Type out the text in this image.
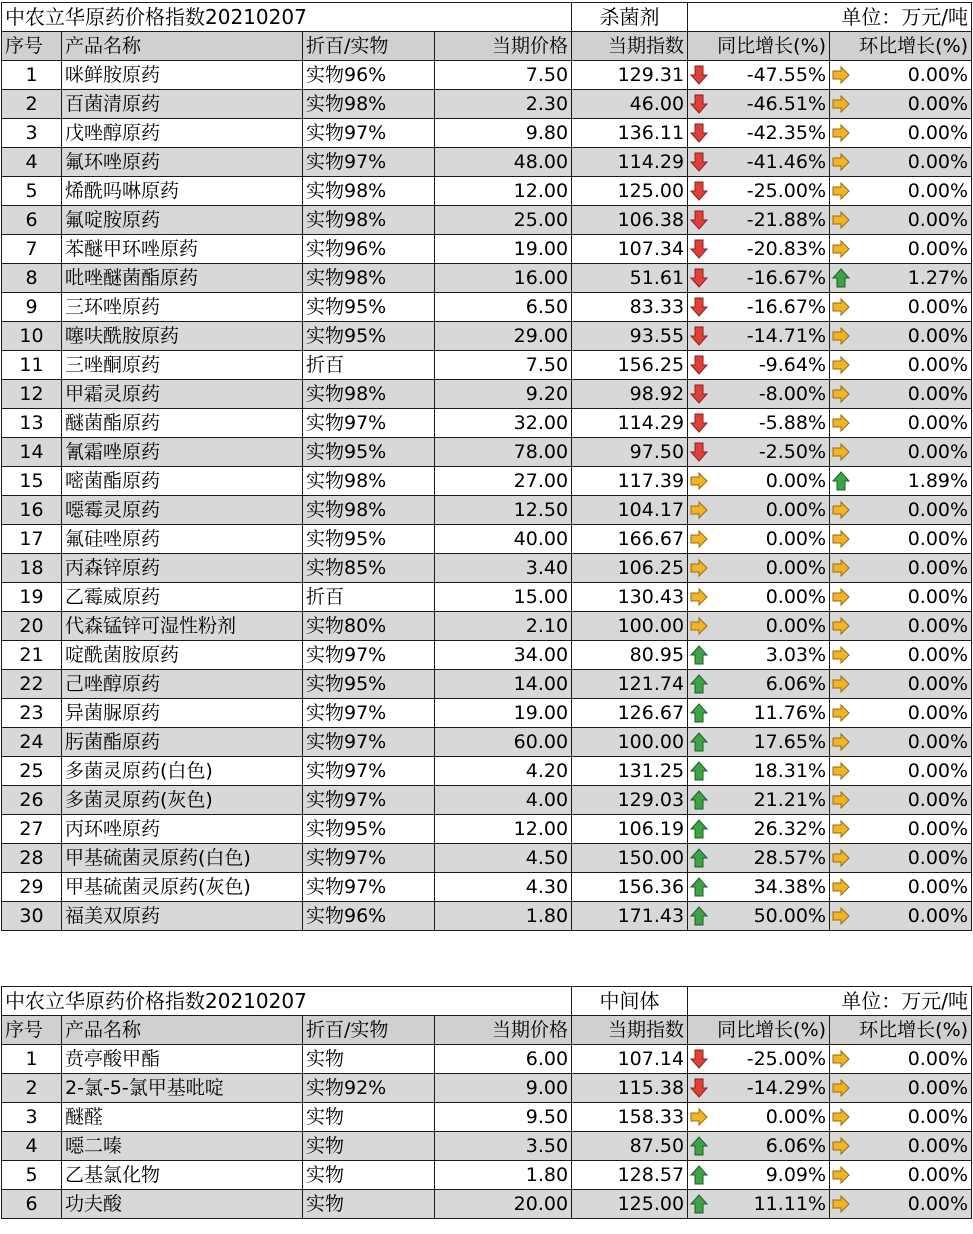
中农立华原药价格指数20210207				杀菌剂	单位：万元/吨	
序号	产品名称	折百/实物	当期价格	当期指数	同比增长(%)	环比增长(%)
1	咪鲜胺原药	实物96%	7.50	129.31	-47.55%	0.00%
2	百菌清原药	实物98%	2.30	46.00	-46.51%	0.00%
3	戊唑醇原药	实物97%	9.80	136.11	-42.35%	0.00%
4	氟环唑原药	实物97%	48.00	114.29	-41.46%	0.00%
5	烯酰吗啉原药	实物98%	12.00	125.00	-25.00%	0.00%
6	氟啶胺原药	实物98%	25.00	106.38	-21.88%	0.00%
7	苯醚甲环唑原药	实物96%	19.00	107.34	-20.83%	0.00%
8	吡唑醚菌酯原药	实物98%	16.00	51.61	-16.67%	1.27%
9	三环唑原药	实物95%	6.50	83.33	-16.67%	0.00%
10	噻呋酰胺原药	实物95%	29.00	93.55	-14.71%	0.00%
11	三唑酮原药	折百	7.50	156.25	-9.64%	0.00%
12	甲霜灵原药	实物98%	9.20	98.92	-8.00%	0.00%
13	醚菌酯原药	实物97%	32.00	114.29	-5.88%	0.00%
14	氰霜唑原药	实物95%	78.00	97.50	-2.50%	0.00%
15	嘧菌酯原药	实物98%	27.00	117.39	0.00%	1.89%
16	噁霉灵原药	实物98%	12.50	104.17	0.00%	0.00%
17	氟硅唑原药	实物95%	40.00	166.67	0.00%	0.00%
18	丙森锌原药	实物85%	3.40	106.25	0.00%	0.00%
19	乙霉威原药	折百	15.00	130.43	0.00%	0.00%
20	代森锰锌可湿性粉剂	实物80%	2.10	100.00	0.00%	0.00%
21	啶酰菌胺原药	实物97%	34.00	80.95	3.03%	0.00%
22	己唑醇原药	实物95%	14.00	121.74	6.06%	0.00%
23	异菌脲原药	实物97%	19.00	126.67	11.76%	0.00%
24	肟菌酯原药	实物97%	60.00	100.00	17.65%	0.00%
25	多菌灵原药(白色)	实物97%	4.20	131.25	18.31%	0.00%
26	多菌灵原药(灰色)	实物97%	4.00	129.03	21.21%	0.00%
27	丙环唑原药	实物95%	12.00	106.19	26.32%	0.00%
28	甲基硫菌灵原药(白色)	实物97%	4.50	150.00	28.57%	0.00%
29	甲基硫菌灵原药(灰色)	实物97%	4.30	156.36	34.38%	0.00%
30	福美双原药	实物96%	1.80	171.43	50.00%	0.00%
中农立华原药价格指数20210207				中间体	单位：万元/吨	
序号	产品名称	折百/实物	当期价格	当期指数	同比增长(%)	环比增长(%)
1	贲亭酸甲酯	实物	6.00	107.14	-25.00%	0.00%
2	2-氯-5-氯甲基吡啶	实物92%	9.00	115.38	-14.29%	0.00%
3	醚醛	实物	9.50	158.33	0.00%	0.00%
4	噁二嗪	实物	3.50	87.50	6.06%	0.00%
5	乙基氯化物	实物	1.80	128.57	9.09%	0.00%
6	功夫酸	实物	20.00	125.00	11.11%	0.00%
